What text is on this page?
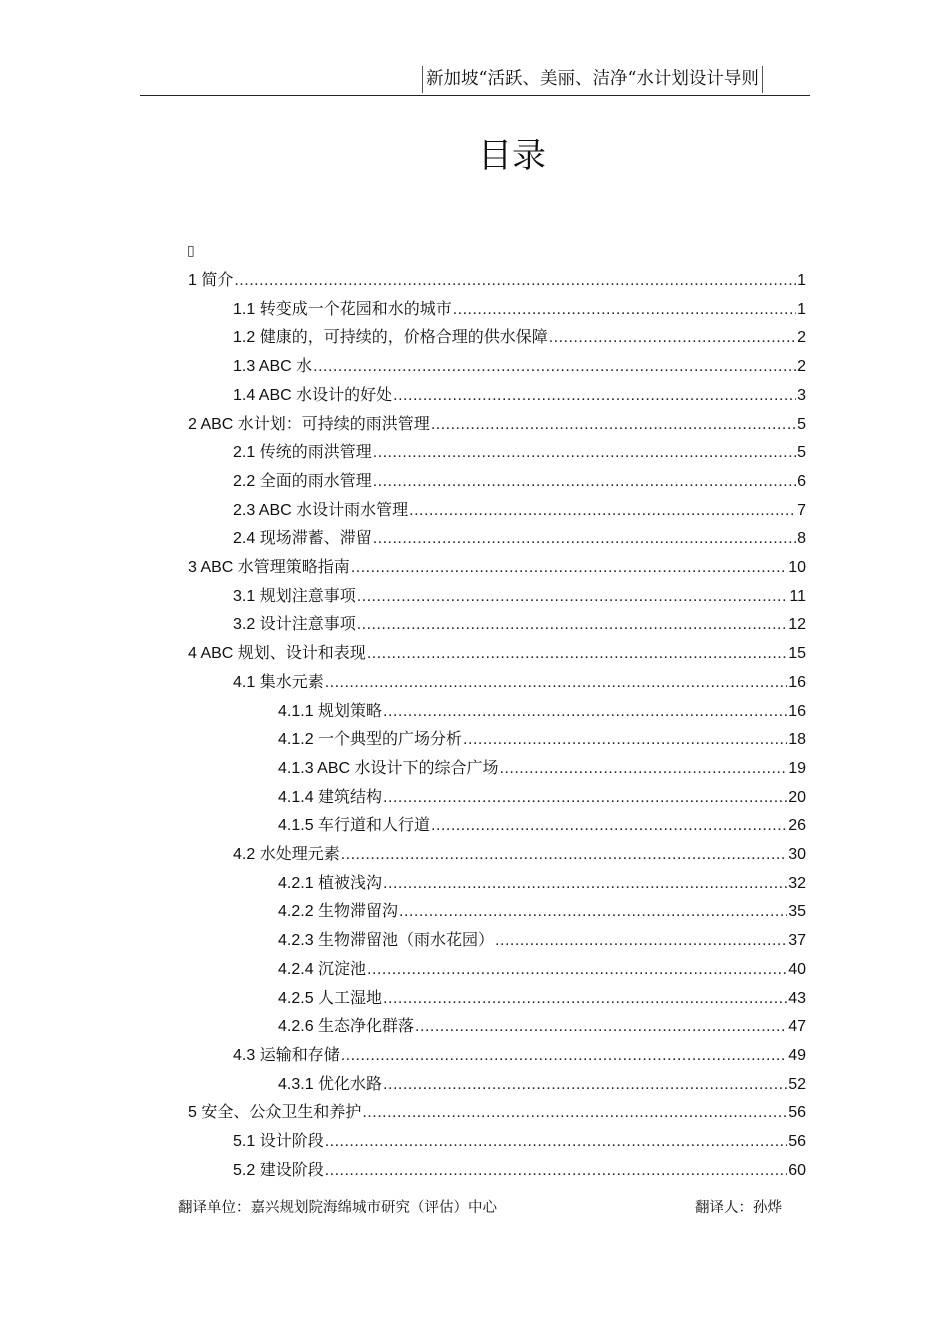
新加坡“活跃、美丽、洁净“水计划设计导则
目录
▯
1 简介 .....	1
1.1 转变成一个花园和水的城市 .....	1
1.2 健康的，可持续的，价格合理的供水保障 .....	2
1.3 ABC 水 .....	2
1.4 ABC 水设计的好处 .....	3
2 ABC 水计划：可持续的雨洪管理 .....	5
2.1 传统的雨洪管理 .....	5
2.2 全面的雨水管理 .....	6
2.3 ABC 水设计雨水管理 .....	7
2.4 现场滞蓄、滞留 .....	8
3 ABC 水管理策略指南 .....	10
3.1 规划注意事项 .....	11
3.2 设计注意事项 .....	12
4 ABC 规划、设计和表现 .....	15
4.1 集水元素 .....	16
4.1.1 规划策略 .....	16
4.1.2 一个典型的广场分析 .....	18
4.1.3 ABC 水设计下的综合广场 .....	19
4.1.4 建筑结构 .....	20
4.1.5 车行道和人行道 .....	26
4.2 水处理元素 .....	30
4.2.1 植被浅沟 .....	32
4.2.2 生物滞留沟 .....	35
4.2.3 生物滞留池（雨水花园） .....	37
4.2.4 沉淀池 .....	40
4.2.5 人工湿地 .....	43
4.2.6 生态净化群落 .....	47
4.3 运输和存储 .....	49
4.3.1 优化水路 .....	52
5 安全、公众卫生和养护 .....	56
5.1 设计阶段 .....	56
5.2 建设阶段 .....	60
翻译单位：嘉兴规划院海绵城市研究（评估）中心	翻译人：孙烨
